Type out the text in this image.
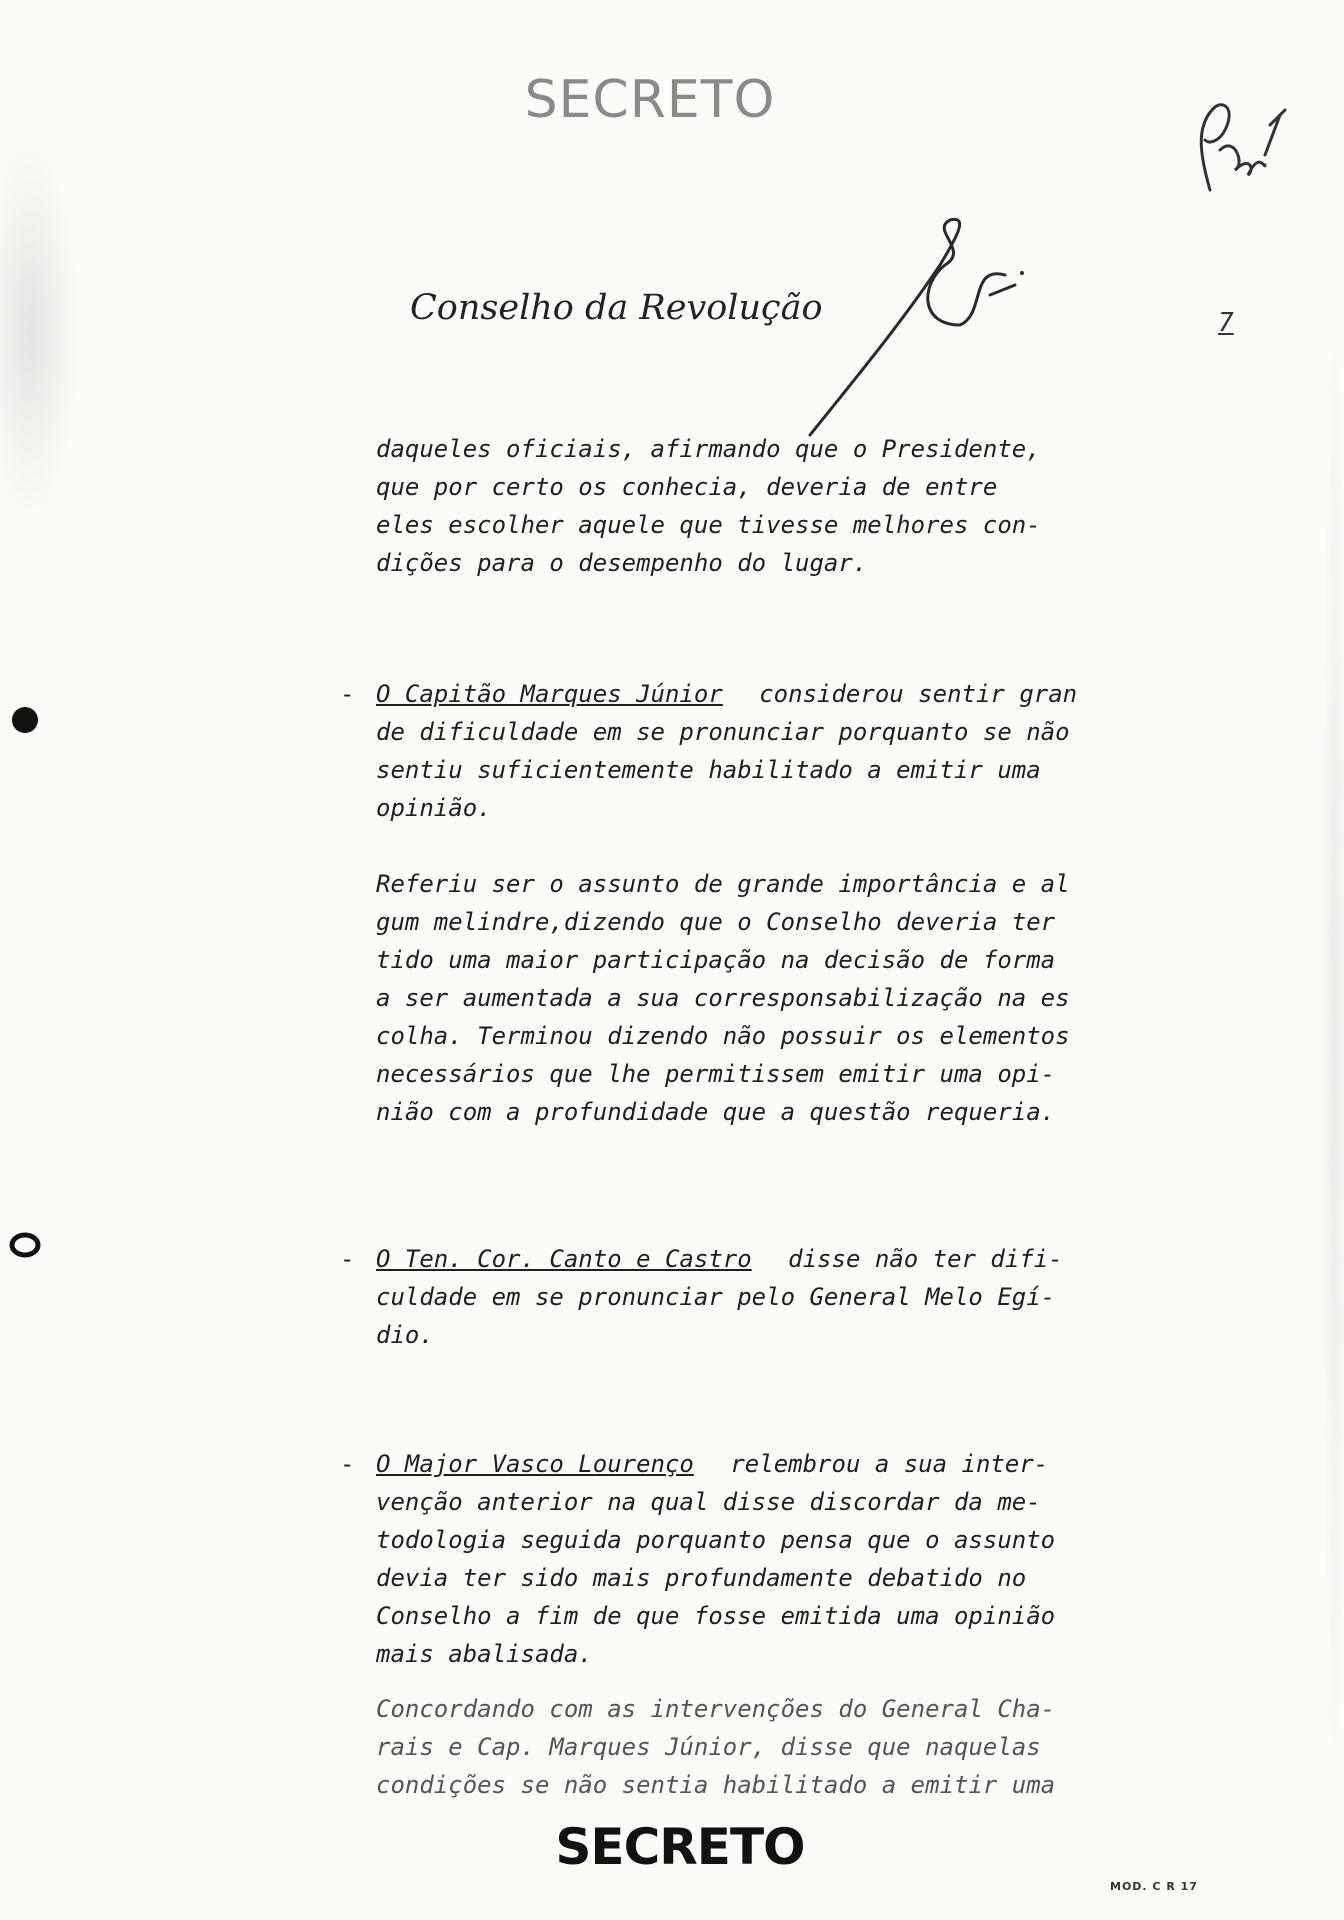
SECRETO
Conselho da Revolução	7
daqueles oficiais, afirmando que o Presidente,
que por certo os conhecia, deveria de entre
eles escolher aquele que tivesse melhores con-
dições para o desempenho do lugar.
- O Capitão Marques Júnior considerou sentir gran
de dificuldade em se pronunciar porquanto se não
sentiu suficientemente habilitado a emitir uma
opinião.
Referiu ser o assunto de grande importância e al
gum melindre,dizendo que o Conselho deveria ter
tido uma maior participação na decisão de forma
a ser aumentada a sua corresponsabilização na es
colha. Terminou dizendo não possuir os elementos
necessários que lhe permitissem emitir uma opi-
nião com a profundidade que a questão requeria.
- O Ten. Cor. Canto e Castro disse não ter difi-
culdade em se pronunciar pelo General Melo Egí-
dio.
- O Major Vasco Lourenço relembrou a sua inter-
venção anterior na qual disse discordar da me-
todologia seguida porquanto pensa que o assunto
devia ter sido mais profundamente debatido no
Conselho a fim de que fosse emitida uma opinião
mais abalisada.
Concordando com as intervenções do General Cha-
rais e Cap. Marques Júnior, disse que naquelas
condições se não sentia habilitado a emitir uma
SECRETO
MOD. C R 17
